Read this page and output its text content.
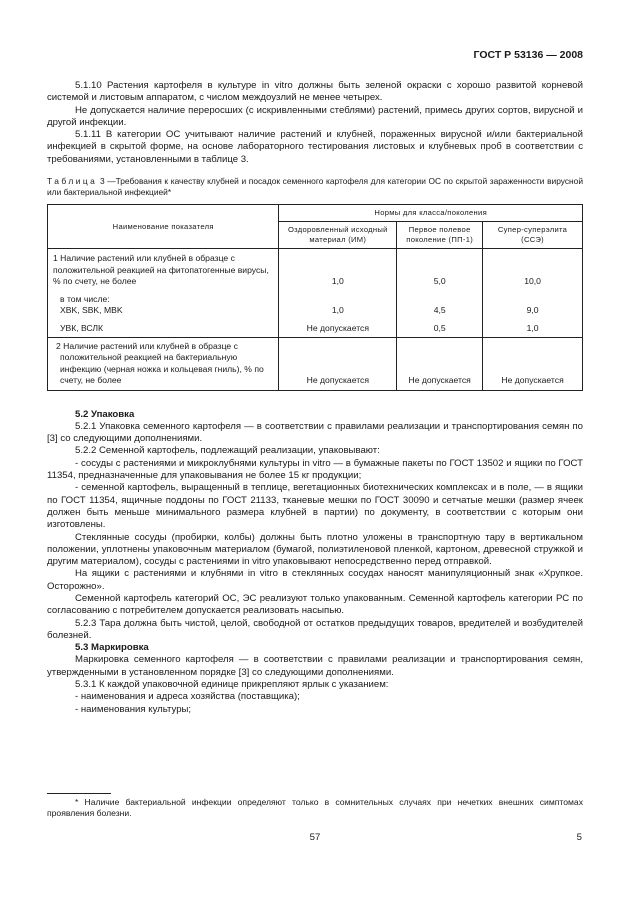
ГОСТ Р 53136 — 2008

5.1.10 Растения картофеля в культуре in vitro должны быть зеленой окраски с хорошо развитой корневой системой и листовым аппаратом, с числом междоузлий не менее четырех.

Не допускается наличие переросших (с искривленными стеблями) растений, примесь других сортов, вирусной и другой инфекции.

5.1.11 В категории ОС учитывают наличие растений и клубней, пораженных вирусной и/или бактериальной инфекцией в скрытой форме, на основе лабораторного тестирования листовых и клубневых проб в соответствии с требованиями, установленными в таблице 3.

Таблица 3 —Требования к качеству клубней и посадок семенного картофеля для категории ОС по скрытой зараженности вирусной или бактериальной инфекцией*
Наименование показателя	Нормы для класса/поколения		
	Оздоровленный исходный материал (ИМ)	Первое полевое поколение (ПП-1)	Супер-суперэлита (ССЭ)
1 Наличие растений или клубней в образце с положительной реакцией на фитопатогенные вирусы, % по счету, не более	1,0	5,0	10,0
в том числе:
XBK, SBK, MBK	1,0	4,5	9,0
УВК, ВСЛК	Не допускается	0,5	1,0
2 Наличие растений или клубней в образце с положительной реакцией на бактериальную инфекцию (черная ножка и кольцевая гниль), % по счету, не более	Не допускается	Не допускается	Не допускается

5.2 Упаковка

5.2.1 Упаковка семенного картофеля — в соответствии с правилами реализации и транспортирования семян по [3] со следующими дополнениями.

5.2.2 Семенной картофель, подлежащий реализации, упаковывают:

- сосуды с растениями и микроклубнями культуры in vitro — в бумажные пакеты по ГОСТ 13502 и ящики по ГОСТ 11354, предназначенные для упаковывания не более 15 кг продукции;

- семенной картофель, выращенный в теплице, вегетационных биотехнических комплексах и в поле, — в ящики по ГОСТ 11354, ящичные поддоны по ГОСТ 21133, тканевые мешки по ГОСТ 30090 и сетчатые мешки (размер ячеек должен быть меньше минимального размера клубней в партии) по документу, в соответствии с которым они изготовлены.

Стеклянные сосуды (пробирки, колбы) должны быть плотно уложены в транспортную тару в вертикальном положении, уплотнены упаковочным материалом (бумагой, полиэтиленовой пленкой, картоном, древесной стружкой и другим материалом), сосуды с растениями in vitro упаковывают непосредственно перед отправкой.

На ящики с растениями и клубнями in vitro в стеклянных сосудах наносят манипуляционный знак «Хрупкое. Осторожно».

Семенной картофель категорий ОС, ЭС реализуют только упакованным. Семенной картофель категории РС по согласованию с потребителем допускается реализовать насыпью.

5.2.3 Тара должна быть чистой, целой, свободной от остатков предыдущих товаров, вредителей и возбудителей болезней.

5.3 Маркировка

Маркировка семенного картофеля — в соответствии с правилами реализации и транспортирования семян, утвержденными в установленном порядке [3] со следующими дополнениями.

5.3.1 К каждой упаковочной единице прикрепляют ярлык с указанием:

- наименования и адреса хозяйства (поставщика);

- наименования культуры;

* Наличие бактериальной инфекции определяют только в сомнительных случаях при нечетких внешних симптомах проявления болезни.
57	5
